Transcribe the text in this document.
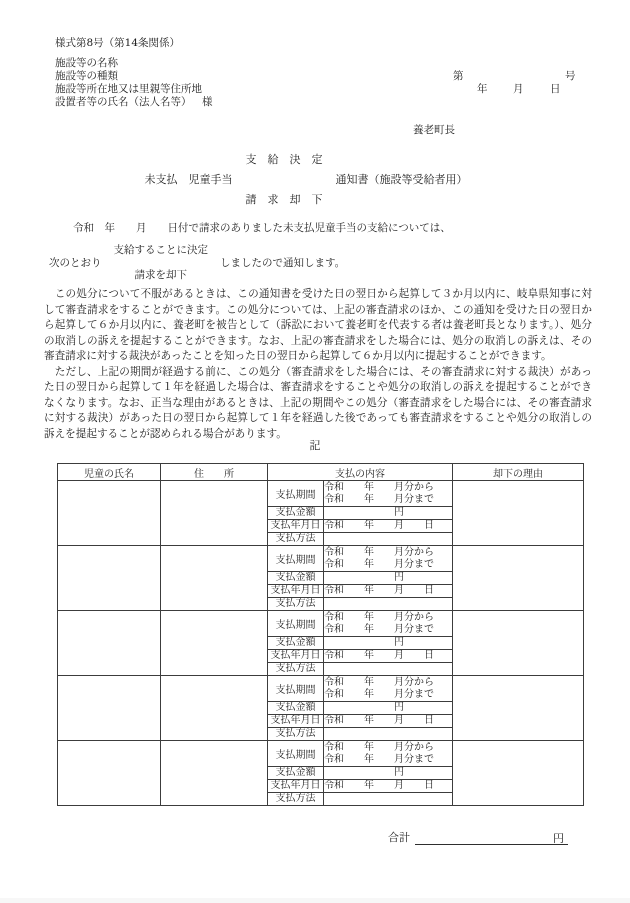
様式第8号（第14条関係）
施設等の名称
施設等の種類
施設等所在地又は里親等住所地
設置者等の氏名（法人名等） 様
第	号
年 月	日
養老町長
未支払　児童手当
支　給　決　定
請　求　却　下
通知書（施設等受給者用）
令和　年　　月　　日付で請求のありました未支払児童手当の支給については、
次のとおり
支給することに決定
請求を却下
しましたので通知します。

　この処分について不服があるときは、この通知書を受けた日の翌日から起算して３か月以内に、岐阜県知事に対して審査請求をすることができます。この処分については、上記の審査請求のほか、この通知を受けた日の翌日から起算して６か月以内に、養老町を被告として（訴訟において養老町を代表する者は養老町長となります。）、処分の取消しの訴えを提起することができます。なお、上記の審査請求をした場合には、処分の取消しの訴えは、その審査請求に対する裁決があったことを知った日の翌日から起算して６か月以内に提起することができます。

　ただし、上記の期間が経過する前に、この処分（審査請求をした場合には、その審査請求に対する裁決）があった日の翌日から起算して１年を経過した場合は、審査請求をすることや処分の取消しの訴えを提起することができなくなります。なお、正当な理由があるときは、上記の期間やこの処分（審査請求をした場合には、その審査請求に対する裁決）があった日の翌日から起算して１年を経過した後であっても審査請求をすることや処分の取消しの訴えを提起することが認められる場合があります。

記
児童の氏名	住　　所	支払の内容		却下の理由
		支払期間	令和　　年　　月分から
令和　　年　　月分まで	

		支払金額	円	
		支払年月日	令和　　年　　月　　日	
		支払方法		
		支払期間	令和　　年　　月分から
令和　　年　　月分まで	

		支払金額	円	
		支払年月日	令和　　年　　月　　日	
		支払方法		
		支払期間	令和　　年　　月分から
令和　　年　　月分まで	

		支払金額	円	
		支払年月日	令和　　年　　月　　日	
		支払方法		
		支払期間	令和　　年　　月分から
令和　　年　　月分まで	

		支払金額	円	
		支払年月日	令和　　年　　月　　日	
		支払方法		
		支払期間	令和　　年　　月分から
令和　　年　　月分まで	

		支払金額	円	
		支払年月日	令和　　年　　月　　日	
		支払方法		
合計	円
